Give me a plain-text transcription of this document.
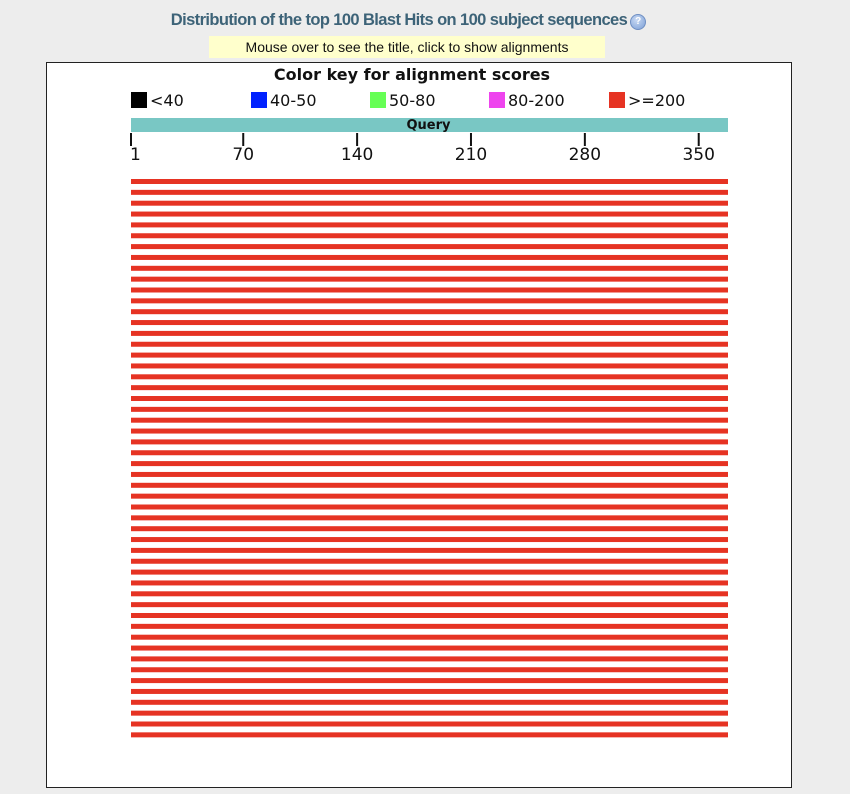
Distribution of the top 100 Blast Hits on 100 subject sequences ?
Mouse over to see the title, click to show alignments
Color key for alignment scores
<40	40-50	50-80	80-200	>=200
Query
1	70	140	210	280	350
